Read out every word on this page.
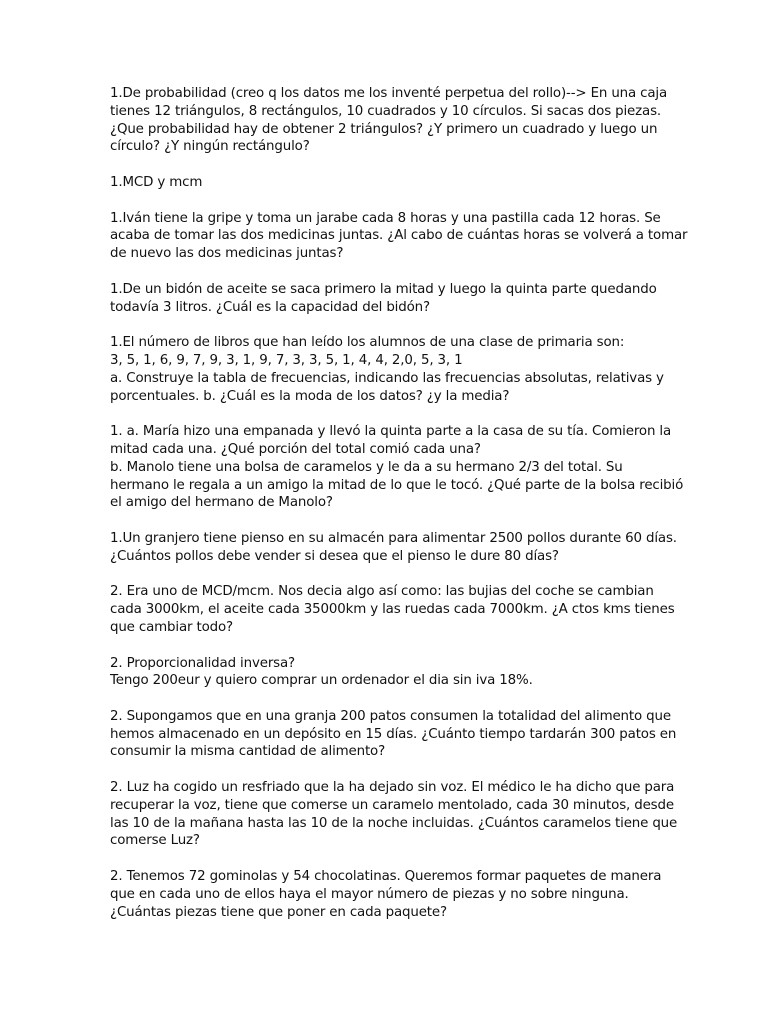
1.De probabilidad (creo q los datos me los inventé perpetua del rollo)--> En una caja
tienes 12 triángulos, 8 rectángulos, 10 cuadrados y 10 círculos. Si sacas dos piezas.
¿Que probabilidad hay de obtener 2 triángulos? ¿Y primero un cuadrado y luego un
círculo? ¿Y ningún rectángulo?
1.MCD y mcm
1.Iván tiene la gripe y toma un jarabe cada 8 horas y una pastilla cada 12 horas. Se
acaba de tomar las dos medicinas juntas. ¿Al cabo de cuántas horas se volverá a tomar
de nuevo las dos medicinas juntas?
1.De un bidón de aceite se saca primero la mitad y luego la quinta parte quedando
todavía 3 litros. ¿Cuál es la capacidad del bidón?
1.El número de libros que han leído los alumnos de una clase de primaria son:
3, 5, 1, 6, 9, 7, 9, 3, 1, 9, 7, 3, 3, 5, 1, 4, 4, 2,0, 5, 3, 1
a. Construye la tabla de frecuencias, indicando las frecuencias absolutas, relativas y
porcentuales. b. ¿Cuál es la moda de los datos? ¿y la media?
1. a. María hizo una empanada y llevó la quinta parte a la casa de su tía. Comieron la
mitad cada una. ¿Qué porción del total comió cada una?
b. Manolo tiene una bolsa de caramelos y le da a su hermano 2/3 del total. Su
hermano le regala a un amigo la mitad de lo que le tocó. ¿Qué parte de la bolsa recibió
el amigo del hermano de Manolo?
1.Un granjero tiene pienso en su almacén para alimentar 2500 pollos durante 60 días.
¿Cuántos pollos debe vender si desea que el pienso le dure 80 días?
2. Era uno de MCD/mcm. Nos decia algo así como: las bujias del coche se cambian
cada 3000km, el aceite cada 35000km y las ruedas cada 7000km. ¿A ctos kms tienes
que cambiar todo?
2. Proporcionalidad inversa?
Tengo 200eur y quiero comprar un ordenador el dia sin iva 18%.
2. Supongamos que en una granja 200 patos consumen la totalidad del alimento que
hemos almacenado en un depósito en 15 días. ¿Cuánto tiempo tardarán 300 patos en
consumir la misma cantidad de alimento?
2. Luz ha cogido un resfriado que la ha dejado sin voz. El médico le ha dicho que para
recuperar la voz, tiene que comerse un caramelo mentolado, cada 30 minutos, desde
las 10 de la mañana hasta las 10 de la noche incluidas. ¿Cuántos caramelos tiene que
comerse Luz?
2. Tenemos 72 gominolas y 54 chocolatinas. Queremos formar paquetes de manera
que en cada uno de ellos haya el mayor número de piezas y no sobre ninguna.
¿Cuántas piezas tiene que poner en cada paquete?
